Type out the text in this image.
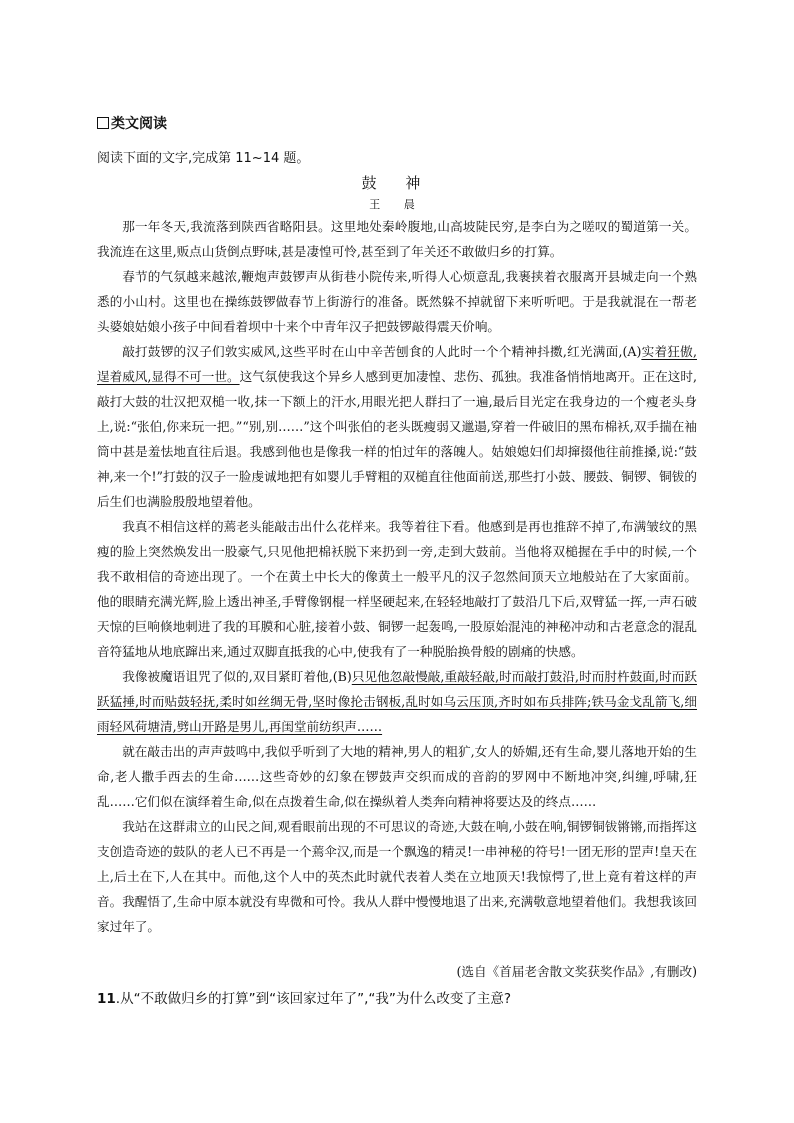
类文阅读
阅读下面的文字,完成第 11~14 题。
鼓 神
王 晨

那一年冬天,我流落到陕西省略阳县。这里地处秦岭腹地,山高坡陡民穷,是李白为之嗟叹的蜀道第一关。我流连在这里,贩点山货倒点野味,甚是凄惶可怜,甚至到了年关还不敢做归乡的打算。

春节的气氛越来越浓,鞭炮声鼓锣声从街巷小院传来,听得人心烦意乱,我裹挟着衣服离开县城走向一个熟悉的小山村。这里也在操练鼓锣做春节上街游行的准备。既然躲不掉就留下来听听吧。于是我就混在一帮老头婆娘姑娘小孩子中间看着坝中十来个中青年汉子把鼓锣敲得震天价响。

敲打鼓锣的汉子们敦实威风,这些平时在山中辛苦刨食的人此时一个个精神抖擞,红光满面,(A)实着狂傲,逞着威风,显得不可一世。这气氛使我这个异乡人感到更加凄惶、悲伤、孤独。我准备悄悄地离开。正在这时,敲打大鼓的壮汉把双槌一收,抹一下额上的汗水,用眼光把人群扫了一遍,最后目光定在我身边的一个瘦老头身上,说:“张伯,你来玩一把。”“别,别……”这个叫张伯的老头既瘦弱又邋遢,穿着一件破旧的黑布棉袄,双手揣在袖筒中甚是羞怯地直往后退。我感到他也是像我一样的怕过年的落魄人。姑娘媳妇们却撺掇他往前推搡,说:“鼓神,来一个!”打鼓的汉子一脸虔诚地把有如婴儿手臂粗的双槌直往他面前送,那些打小鼓、腰鼓、铜锣、铜钹的后生们也满脸殷殷地望着他。

我真不相信这样的蔫老头能敲击出什么花样来。我等着往下看。他感到是再也推辞不掉了,布满皱纹的黑瘦的脸上突然焕发出一股豪气,只见他把棉袄脱下来扔到一旁,走到大鼓前。当他将双槌握在手中的时候,一个我不敢相信的奇迹出现了。一个在黄土中长大的像黄土一般平凡的汉子忽然间顶天立地般站在了大家面前。他的眼睛充满光辉,脸上透出神圣,手臂像钢棍一样坚硬起来,在轻轻地敲打了鼓沿几下后,双臂猛一挥,一声石破天惊的巨响倏地刺进了我的耳膜和心脏,接着小鼓、铜锣一起轰鸣,一股原始混沌的神秘冲动和古老意念的混乱音符猛地从地底蹿出来,通过双脚直抵我的心中,使我有了一种脱胎换骨般的剧痛的快感。

我像被魔语诅咒了似的,双目紧盯着他,(B)只见他忽敲慢敲,重敲轻敲,时而敲打鼓沿,时而肘杵鼓面,时而跃跃猛捶,时而贴鼓轻抚,柔时如丝绸无骨,坚时像抡击钢板,乱时如乌云压顶,齐时如布兵排阵;铁马金戈乱箭飞,细雨轻风荷塘清,劈山开路是男儿,再闺堂前纺织声……

就在敲击出的声声鼓鸣中,我似乎听到了大地的精神,男人的粗犷,女人的娇媚,还有生命,婴儿落地开始的生命,老人撒手西去的生命……这些奇妙的幻象在锣鼓声交织而成的音韵的罗网中不断地冲突,纠缠,呼啸,狂乱……它们似在演绎着生命,似在点拨着生命,似在操纵着人类奔向精神将要达及的终点……

我站在这群肃立的山民之间,观看眼前出现的不可思议的奇迹,大鼓在响,小鼓在响,铜锣铜钹锵锵,而指挥这支创造奇迹的鼓队的老人已不再是一个蔫伞汉,而是一个飘逸的精灵!一串神秘的符号!一团无形的罡声!皇天在上,后土在下,人在其中。而他,这个人中的英杰此时就代表着人类在立地顶天!我惊愕了,世上竟有着这样的声音。我醒悟了,生命中原本就没有卑微和可怜。我从人群中慢慢地退了出来,充满敬意地望着他们。我想我该回家过年了。

(选自《首届老舍散文奖获奖作品》,有删改)
11.从“不敢做归乡的打算”到“该回家过年了”,“我”为什么改变了主意?
